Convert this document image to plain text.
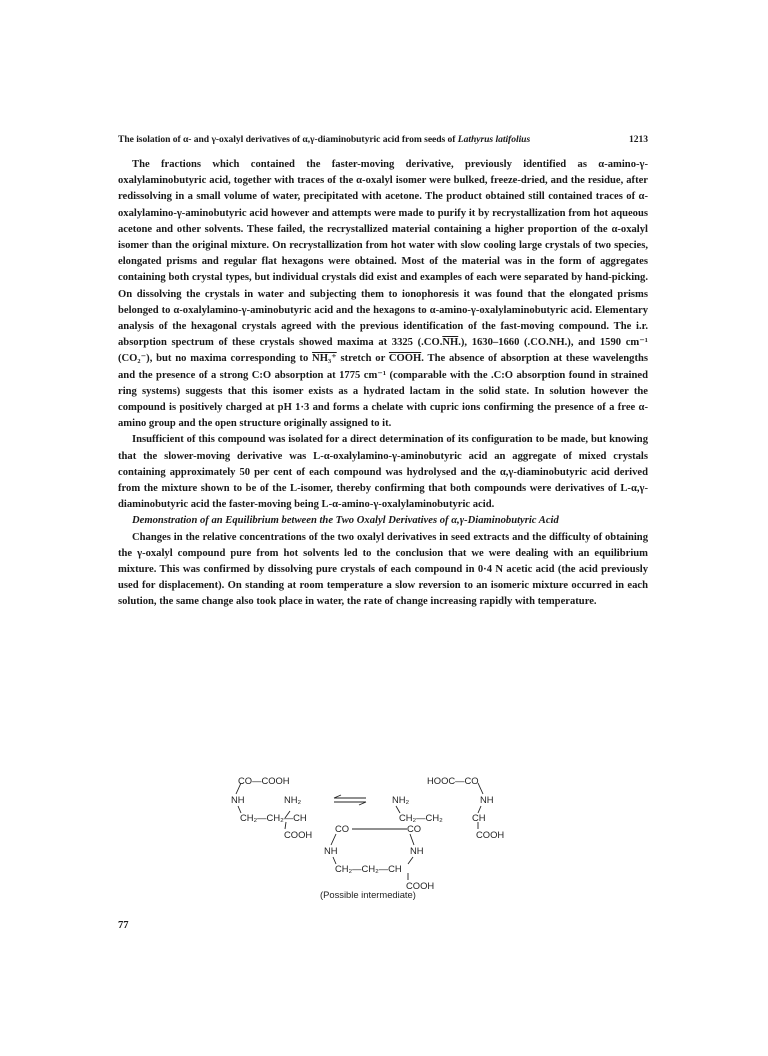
The isolation of α- and γ-oxalyl derivatives of α,γ-diaminobutyric acid from seeds of Lathyrus latifolius	1213

The fractions which contained the faster-moving derivative, previously identified as α-amino-γ-oxalylaminobutyric acid, together with traces of the α-oxalyl isomer were bulked, freeze-dried, and the residue, after redissolving in a small volume of water, precipitated with acetone. The product obtained still contained traces of α-oxalylamino-γ-aminobutyric acid however and attempts were made to purify it by recrystallization from hot aqueous acetone and other solvents. These failed, the recrystallized material containing a higher proportion of the α-oxalyl isomer than the original mixture. On recrystallization from hot water with slow cooling large crystals of two species, elongated prisms and regular flat hexagons were obtained. Most of the material was in the form of aggregates containing both crystal types, but individual crystals did exist and examples of each were separated by hand-picking. On dissolving the crystals in water and subjecting them to ionophoresis it was found that the elongated prisms belonged to α-oxalylamino-γ-aminobutyric acid and the hexagons to α-amino-γ-oxalylaminobutyric acid. Elementary analysis of the hexagonal crystals agreed with the previous identification of the fast-moving compound. The i.r. absorption spectrum of these crystals showed maxima at 3325 $(.CO.\overline{NH}.)$, 1630–1660 (.CO.NH.), and 1590 cm⁻¹ (CO₂⁻), but no maxima corresponding to NH₃⁺ stretch or COOH. The absence of absorption at these wavelengths and the presence of a strong C:O absorption at 1775 cm⁻¹ (comparable with the .C:O absorption found in strained ring systems) suggests that this isomer exists as a hydrated lactam in the solid state. In solution however the compound is positively charged at pH 1·3 and forms a chelate with cupric ions confirming the presence of a free α-amino group and the open structure originally assigned to it.

Insufficient of this compound was isolated for a direct determination of its configuration to be made, but knowing that the slower-moving derivative was L-α-oxalylamino-γ-aminobutyric acid an aggregate of mixed crystals containing approximately 50 per cent of each compound was hydrolysed and the α,γ-diaminobutyric acid derived from the mixture shown to be of the L-isomer, thereby confirming that both compounds were derivatives of L-α,γ-diaminobutyric acid the faster-moving being L-α-amino-γ-oxalylaminobutyric acid.

Demonstration of an Equilibrium between the Two Oxalyl Derivatives of α,γ-Diaminobutyric Acid

Changes in the relative concentrations of the two oxalyl derivatives in seed extracts and the difficulty of obtaining the γ-oxalyl compound pure from hot solvents led to the conclusion that we were dealing with an equilibrium mixture. This was confirmed by dissolving pure crystals of each compound in 0·4 N acetic acid (the acid previously used for displacement). On standing at room temperature a slow reversion to an isomeric mixture occurred in each solution, the same change also took place in water, the rate of change increasing rapidly with temperature.

CO—COOH
NH	NH₂
CH₂—CH₂—CH
COOH
HOOC—CO
NH₂	NH
CH₂—CH₂	CH
COOH
CO	CO
NH	NH
CH₂—CH₂—CH
COOH
(Possible intermediate)
77
